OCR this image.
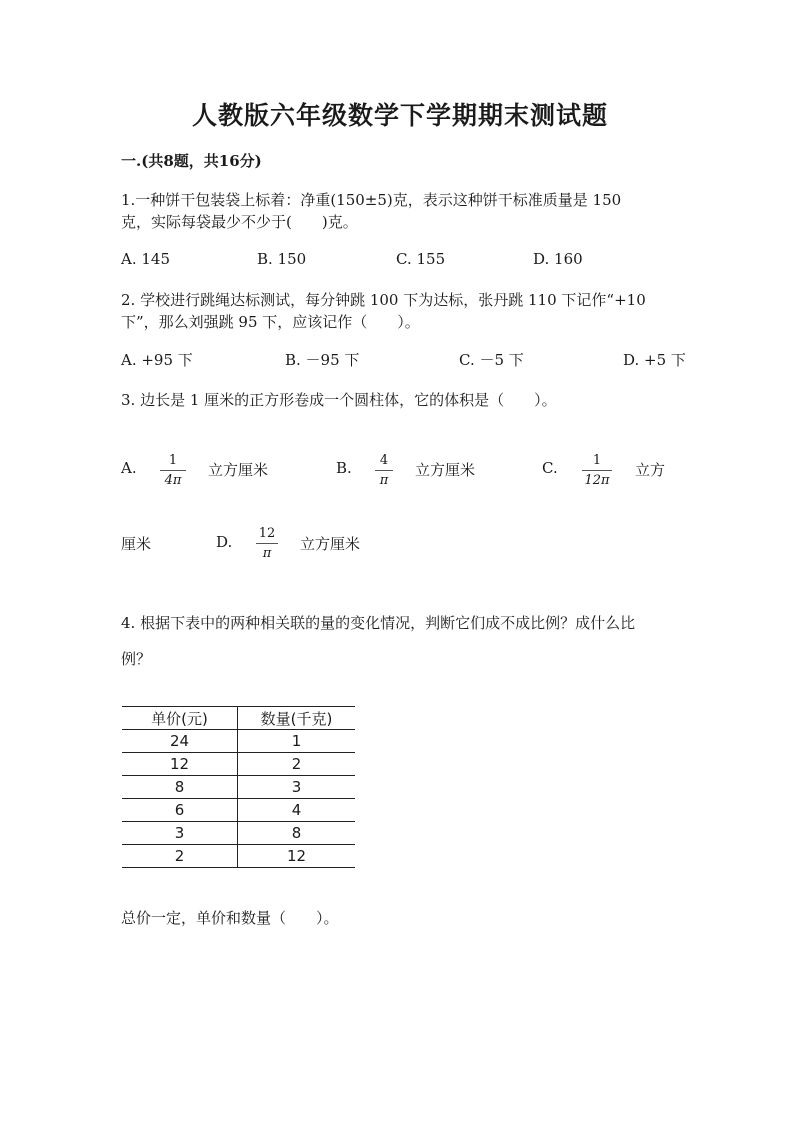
人教版六年级数学下学期期末测试题
一.(共8题，共16分)
1.一种饼干包装袋上标着：净重(150±5)克，表示这种饼干标准质量是 150
克，实际每袋最少不少于(　　)克。
A. 145	B. 150	C. 155	D. 160
2. 学校进行跳绳达标测试，每分钟跳 100 下为达标，张丹跳 110 下记作“+10
下”，那么刘强跳 95 下，应该记作（　　）。
A. +95 下	B. －95 下	C. －5 下	D. +5 下
3. 边长是 1 厘米的正方形卷成一个圆柱体，它的体积是（　　）。
A.	1
4π
立方厘米	B.	4
π
立方厘米	C.	1
12π
立方
厘米	D. 12
π
立方厘米
4. 根据下表中的两种相关联的量的变化情况，判断它们成不成比例？成什么比
例？
单价(元)	数量(千克)
24	1
12	2
8	3
6	4
3	8
2	12
总价一定，单价和数量（　　）。
